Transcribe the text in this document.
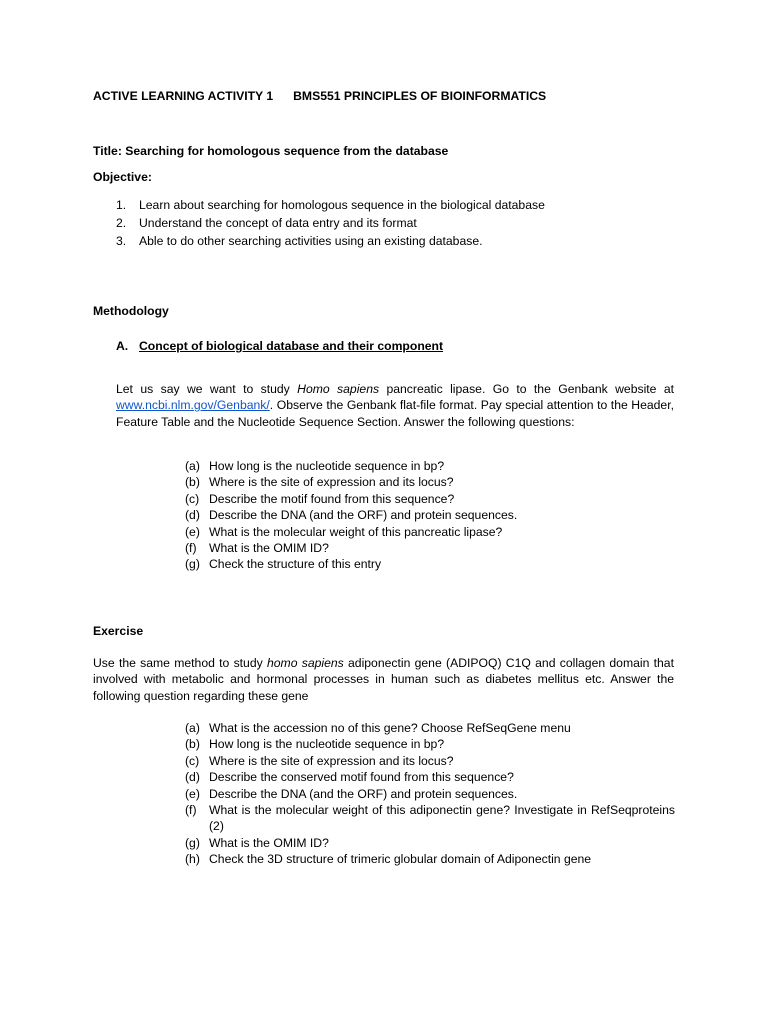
ACTIVE LEARNING ACTIVITY 1 BMS551 PRINCIPLES OF BIOINFORMATICS
Title: Searching for homologous sequence from the database
Objective:
1.	Learn about searching for homologous sequence in the biological database
2.	Understand the concept of data entry and its format
3.	Able to do other searching activities using an existing database.
Methodology
A. Concept of biological database and their component

Let us say we want to study Homo sapiens pancreatic lipase. Go to the Genbank website at www.ncbi.nlm.gov/Genbank/. Observe the Genbank flat-file format. Pay special attention to the Header, Feature Table and the Nucleotide Sequence Section. Answer the following questions:

(a) How long is the nucleotide sequence in bp?
(b) Where is the site of expression and its locus?
(c) Describe the motif found from this sequence?
(d) Describe the DNA (and the ORF) and protein sequences.
(e) What is the molecular weight of this pancreatic lipase?
(f)	What is the OMIM ID?
(g) Check the structure of this entry
Exercise

Use the same method to study homo sapiens adiponectin gene (ADIPOQ) C1Q and collagen domain that involved with metabolic and hormonal processes in human such as diabetes mellitus etc. Answer the following question regarding these gene

(a) What is the accession no of this gene? Choose RefSeqGene menu
(b) How long is the nucleotide sequence in bp?
(c) Where is the site of expression and its locus?
(d) Describe the conserved motif found from this sequence?
(e) Describe the DNA (and the ORF) and protein sequences.
(f)	What is the molecular weight of this adiponectin gene? Investigate in RefSeqproteins (2)
(g) What is the OMIM ID?
(h) Check the 3D structure of trimeric globular domain of Adiponectin gene
